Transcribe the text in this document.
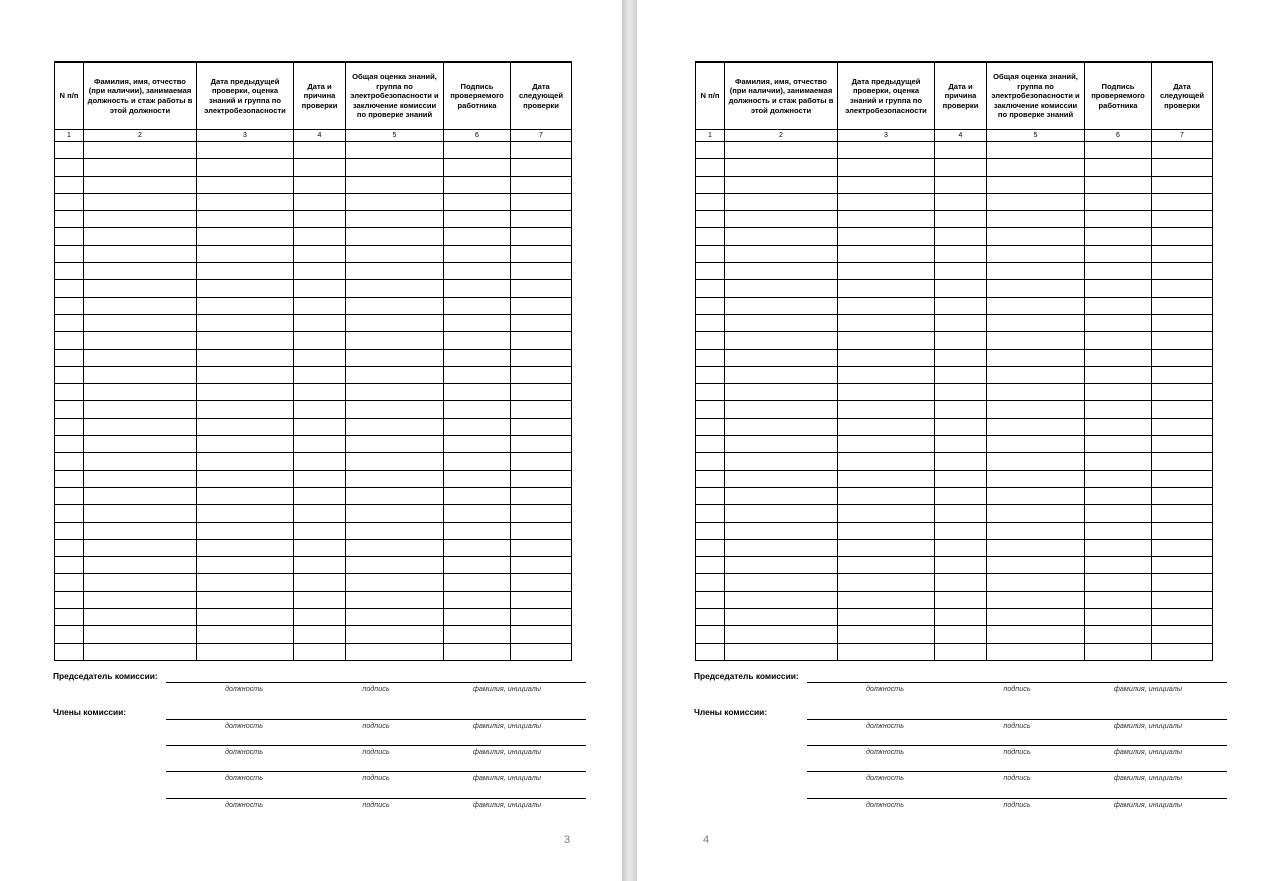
N п/п	Фамилия, имя, отчество (при наличии), занимаемая должность и стаж работы в этой должности	Дата предыдущей проверки, оценка знаний и группа по электробезопасности	Дата и причина проверки	Общая оценка знаний, группа по электробезопасности и заключение комиссии по проверке знаний	Подпись проверяемого работника	Дата следующей проверки
1	2	3	4	5	6	7

Председатель комиссии:
должность	подпись	фамилия, инициалы
Члены комиссии:
должность	подпись	фамилия, инициалы
должность	подпись	фамилия, инициалы
должность	подпись	фамилия, инициалы
должность	подпись	фамилия, инициалы
3
N п/п	Фамилия, имя, отчество (при наличии), занимаемая должность и стаж работы в этой должности	Дата предыдущей проверки, оценка знаний и группа по электробезопасности	Дата и причина проверки	Общая оценка знаний, группа по электробезопасности и заключение комиссии по проверке знаний	Подпись проверяемого работника	Дата следующей проверки
1	2	3	4	5	6	7

Председатель комиссии:
должность	подпись	фамилия, инициалы
Члены комиссии:
должность	подпись	фамилия, инициалы
должность	подпись	фамилия, инициалы
должность	подпись	фамилия, инициалы
должность	подпись	фамилия, инициалы
4
